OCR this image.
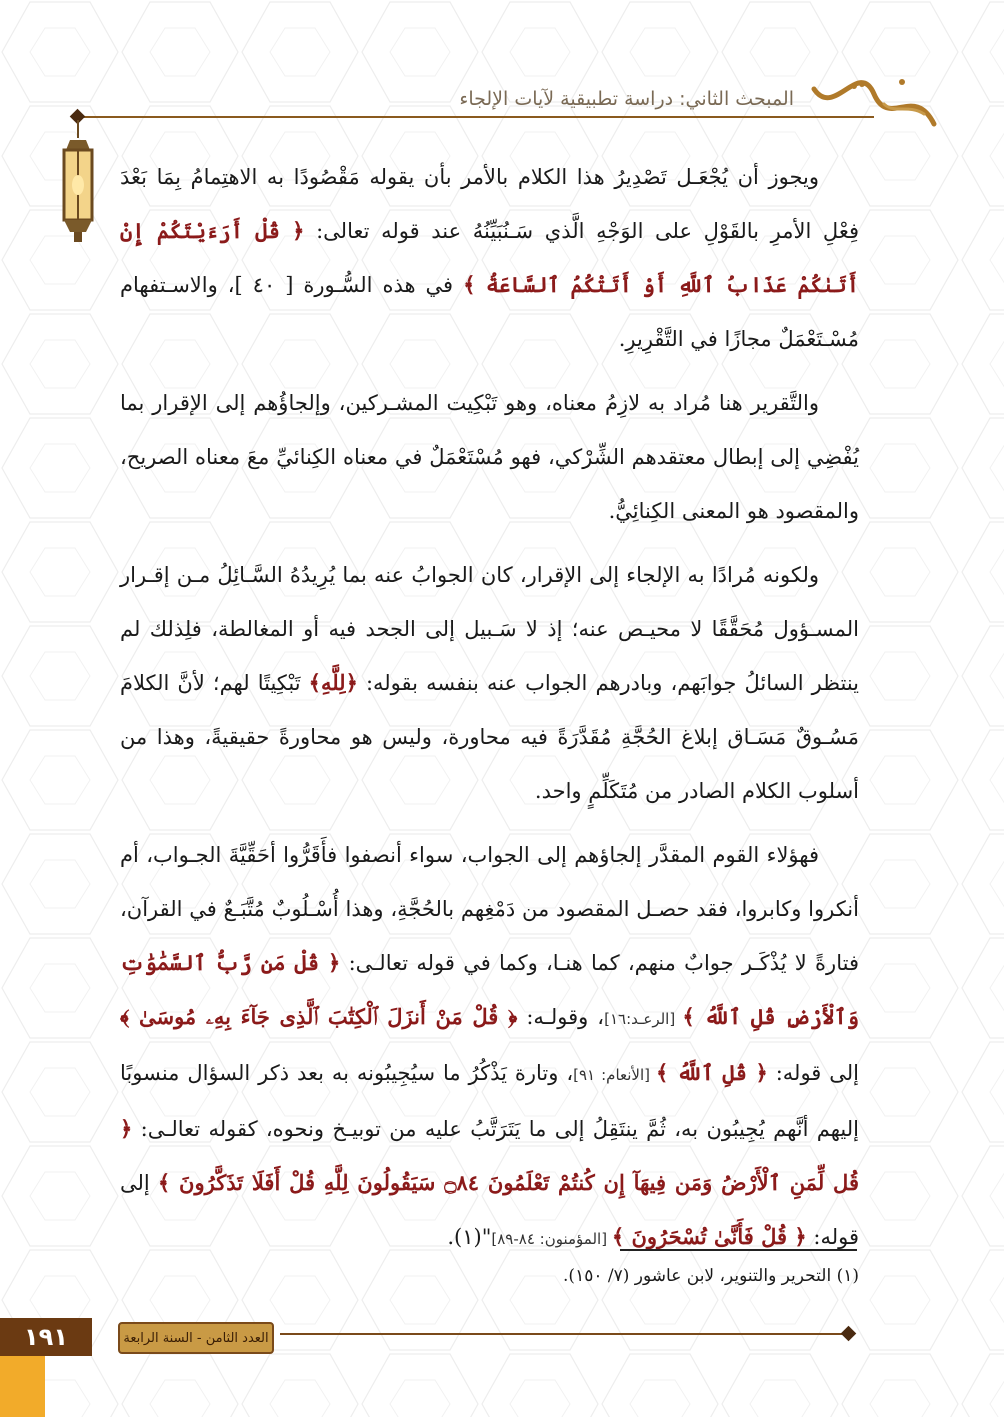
المبحث الثاني: دراسة تطبيقية لآيات الإلجاء

ويجوز أن يُجْعَـل تَصْدِيرُ هذا الكلام بالأمر بأن يقوله مَقْصُودًا به الاهتِمامُ بِمَا بَعْدَ فِعْلِ الأمرِ بالقَوْلِ على الوَجْهِ الَّذي سَـنُبَيِّنُهُ عند قوله تعالى: ﴿ قُلْ أَرَءَيْتَكُمْ إِنْ أَتَىٰكُمْ عَذَابُ ٱللَّهِ أَوْ أَتَتْكُمُ ٱلسَّاعَةُ ﴾ في هذه السُّـورة [ ٤٠ ]، والاسـتفهام مُسْـتَعْمَلٌ مجازًا في التَّقْرِيرِ.

والتَّقرير هنا مُراد به لازِمُ معناه، وهو تَبْكِيت المشـركين، وإلجاؤُهم إلى الإقرار بما يُفْضِي إلى إبطال معتقدهم الشِّرْكي، فهو مُسْتَعْمَلٌ في معناه الكِنائيِّ معَ معناه الصريح، والمقصود هو المعنى الكِنائِيُّ.

ولكونه مُرادًا به الإلجاء إلى الإقرار، كان الجوابُ عنه بما يُرِيدُهُ السَّـائِلُ مـن إقـرار المسـؤول مُحَقَّقًا لا محيـص عنه؛ إذ لا سَـبيل إلى الجحد فيه أو المغالطة، فلِذلك لم ينتظر السائلُ جوابَهم، وبادرهم الجواب عنه بنفسه بقوله: ﴿لِلَّهِ﴾ تَبْكِيتًا لهم؛ لأنَّ الكلامَ مَسُـوقٌ مَسَـاق إبلاغ الحُجَّةِ مُقَدَّرَةً فيه محاورة، وليس هو محاورةً حقيقيةً، وهذا من أسلوب الكلام الصادر من مُتَكَلِّمٍ واحد.

فهؤلاء القوم المقدَّر إلجاؤهم إلى الجواب، سواء أنصفوا فأَقَرُّوا أحَقِّيَّةَ الجـواب، أم أنكروا وكابروا، فقد حصـل المقصود من دَمْغِهم بالحُجَّةِ، وهذا أُسْـلُوبٌ مُتَّبَـعٌ في القرآن، فتارةً لا يُذْكَـر جوابٌ منهم، كما هنـا، وكما في قوله تعالـى: ﴿ قُلْ مَن رَّبُّ ٱلسَّمَٰوَٰتِ وَٱلْأَرْضِ قُلِ ٱللَّهُ ﴾ [الرعـد:١٦]، وقولـه: ﴿ قُلْ مَنْ أَنزَلَ ٱلْكِتَٰبَ ٱلَّذِى جَآءَ بِهِۦ مُوسَىٰ ﴾ إلى قوله: ﴿ قُلِ ٱللَّهُ ﴾ [الأنعام: ٩١]، وتارة يَذْكُرُ ما سيُجِيبُونه به بعد ذكر السؤال منسوبًا إليهم أنَّهم يُجِيبُون به، ثُمَّ ينتَقِلُ إلى ما يَتَرَتَّبُ عليه من توبيـخ ونحوه، كقوله تعالـى: ﴿ قُل لِّمَنِ ٱلْأَرْضُ وَمَن فِيهَآ إِن كُنتُمْ تَعْلَمُونَ ۝٨٤ سَيَقُولُونَ لِلَّهِ قُلْ أَفَلَا تَذَكَّرُونَ ﴾ إلى قوله: ﴿ قُلْ فَأَنَّىٰ تُسْحَرُونَ ﴾ [المؤمنون: ٨٤-٨٩]"(١).

(١) التحرير والتنوير، لابن عاشور (٧/ ١٥٠).
العدد الثامن - السنة الرابعة
١٩١
